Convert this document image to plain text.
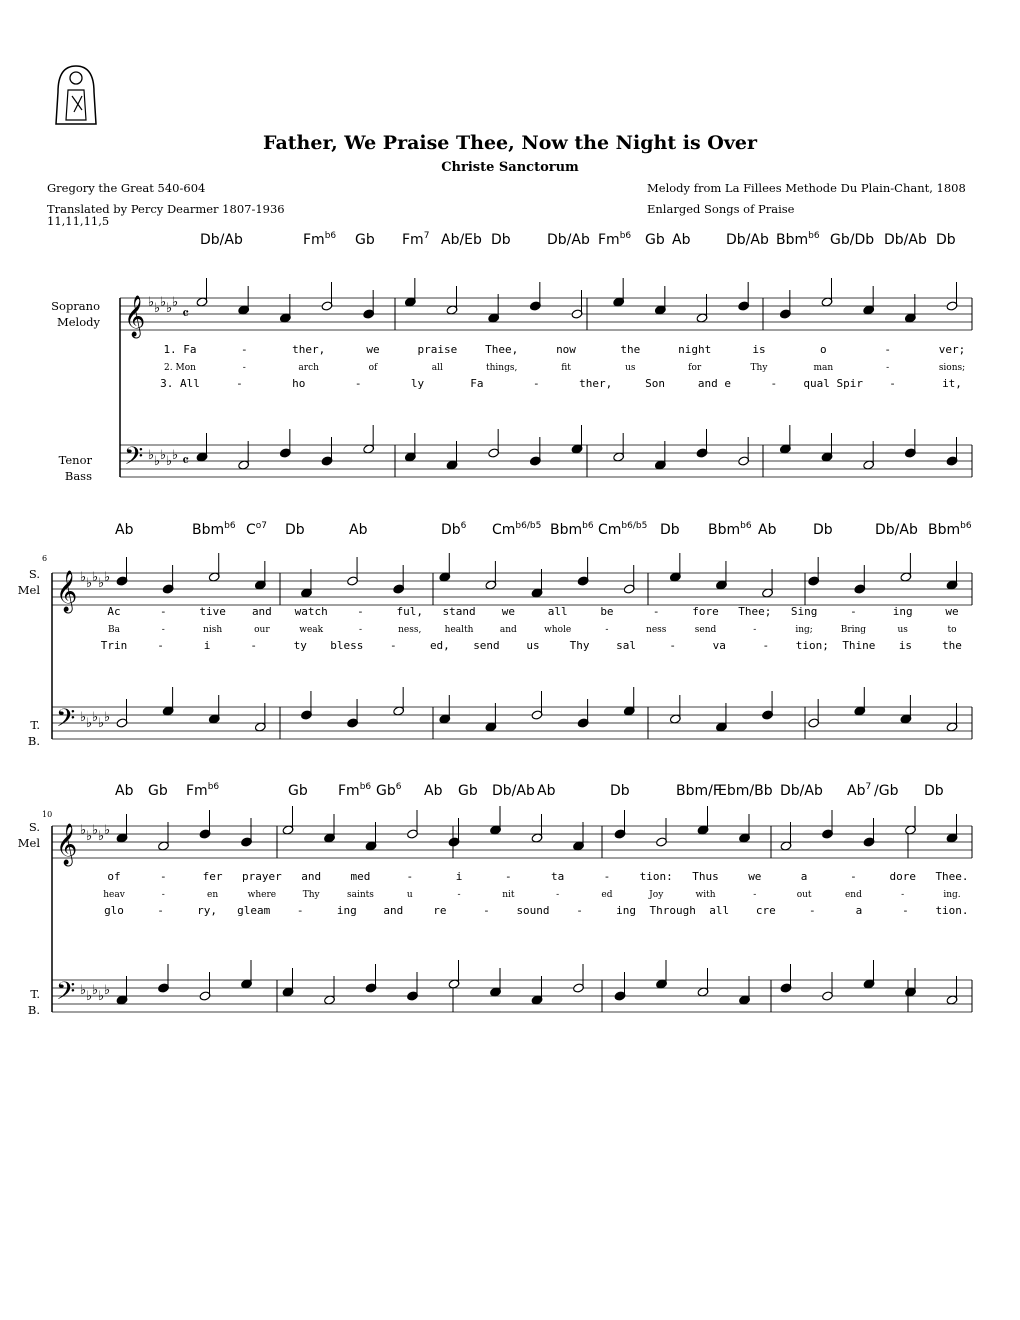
Father, We Praise Thee, Now the Night is Over
Christe Sanctorum
Gregory the Great 540-604
Translated by Percy Dearmer 1807-1936
11,11,11,5
Melody from La Fillees Methode Du Plain-Chant, 1808
Enlarged Songs of Praise
Soprano
Melody
Tenor
Bass
S.
Mel
T.
B.
S.
Mel
T.
B.
6
10
𝄞
𝄢
♭ ♭ ♭ ♭ ♭
♭ ♭ ♭ ♭ ♭
𝄴
𝄴
Db/Ab	$Fm^{b6}$ Gb Fm$^7$ Ab/Eb Db	Db/Ab $Fm^{b6}$ Gb Ab	Db/Ab Bbm$^{b6}$ Gb/Db Db/Ab Db
1. Fa	-	ther,	we	praise	Thee,	now	the	night	is	o	-	ver;
2. Mon	-	arch	of	all	things,	fit	us	for	Thy	man	-	sions;
3. All	-	ho	-	ly	Fa	-	ther,	Son	and e	- qual Spir -	it,
𝄞
𝄢
♭ ♭ ♭ ♭ ♭
♭ ♭ ♭ ♭ ♭
Ab	Bbm$^{b6}$ $C^{o7}$ Db	Ab	Db$^6$ $Cm^{b6/b5}$ Bbm$^{b6}$ $Cm^{b6/b5}$ Db Bbm$^{b6}$ Ab	Db	Db/Ab Bbm$^{b6}$
Ac	-	tive and watch	-	ful, stand we	all	be	-	fore Thee; Sing	-	ing	we
Ba	-	nish	our	weak	-	ness,	health	and	whole	-	ness	send	-	ing;	Bring	us	to
Trin	-	i	-	ty bless -	ed, send us	Thy sal	-	va	- tion; Thine is	the
𝄞
𝄢
♭ ♭ ♭ ♭ ♭
♭ ♭ ♭ ♭ ♭
Ab Gb $Fm^{b6}$	Gb $Fm^{b6}$ Gb$^6$ Ab Gb Db/Ab Ab	Db	Bbm/F
Ebm/Bb Db/Ab Ab$^7$ /Gb Db
of	-	fer prayer and	med	-	i	-	ta	-	tion: Thus	we	a	-	dore Thee.
heav	-	en	where	Thy	saints	u	-	nit	-	ed	Joy	with	-	out	end	-	ing.
glo	-	ry, gleam -	ing and	re	- sound -	ing Through all cre	-	a	- tion.
